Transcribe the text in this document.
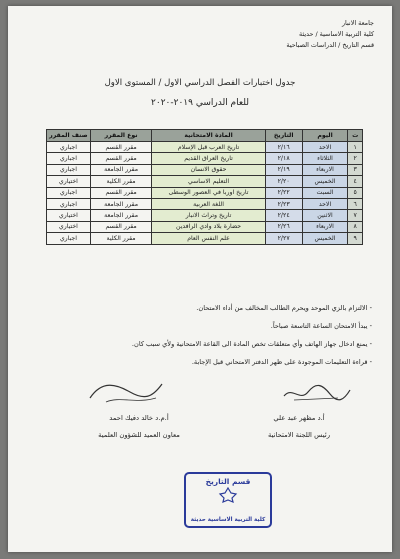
جامعة الانبار
كلية التربية الاساسية / حديثة
قسم التاريخ / الدراسات الصباحية
جدول اختبارات الفصل الدراسي الاول / المستوى الاول
للعام الدراسي ٢٠١٩-٢٠٢٠
ت	اليوم	التاريخ	المادة الامتحانية	نوع المقرر	صنف المقرر
١	الاحد	٢/١٦	تاريخ العرب قبل الإسلام	مقرر القسم	اجباري
٢	الثلاثاء	٢/١٨	تاريخ العراق القديم	مقرر القسم	اجباري
٣	الاربعاء	٢/١٩	حقوق الانسان	مقرر الجامعة	اجباري
٤	الخميس	٢/٢٠	التعليم الاساسي	مقرر الكلية	اختياري
٥	السبت	٢/٢٢	تاريخ اوربا في العصور الوسطى	مقرر القسم	اجباري
٦	الاحد	٢/٢٣	اللغة العربية	مقرر الجامعة	اجباري
٧	الاثنين	٢/٢٤	تاريخ وتراث الانبار	مقرر الجامعة	اختياري
٨	الاربعاء	٢/٢٦	حضارة بلاد وادي الرافدين	مقرر القسم	اختياري
٩	الخميس	٢/٢٧	علم النفس العام	مقرر الكلية	اجباري
- الالتزام بالزي الموحد ويحرم الطالب المخالف من أداء الامتحان.
- يبدأ الامتحان الساعة التاسعة صباحاً.
- يمنع ادخال جهاز الهاتف وأي متعلقات تخص المادة الى القاعة الامتحانية ولأي سبب كان.
- قراءة التعليمات الموجودة على ظهر الدفتر الامتحاني قبل الإجابة.
أ.د مظهر عبد علي
رئيس اللجنة الامتحانية
أ.م.د خالد دفيك احمد
معاون العميد للشؤون العلمية
قسم التاريخ
كلية التربية الاساسية حديثة
